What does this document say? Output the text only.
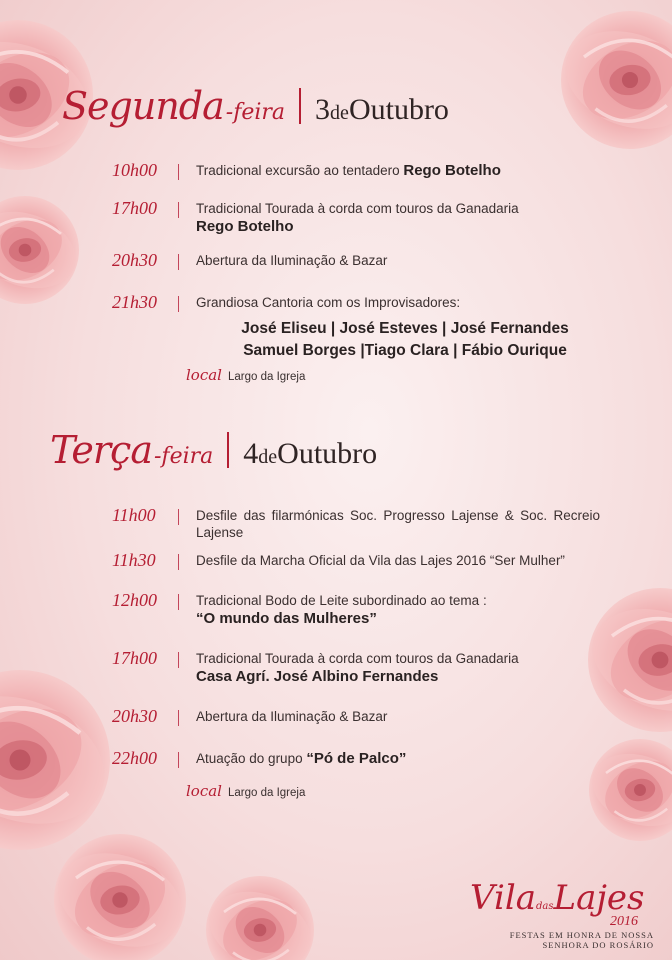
Segunda -feira 3deOutubro
10h00	Tradicional excursão ao tentadero Rego Botelho
17h00	Tradicional Tourada à corda com touros da Ganadaria
Rego Botelho
20h30	Abertura da Iluminação & Bazar
21h30	Grandiosa Cantoria com os Improvisadores:
José Eliseu | José Esteves | José Fernandes
Samuel Borges |Tiago Clara | Fábio Ourique
local Largo da Igreja
Terça -feira 4deOutubro
11h00	Desfile das filarmónicas Soc. Progresso Lajense & Soc. Recreio Lajense
11h30	Desfile da Marcha Oficial da Vila das Lajes 2016 “Ser Mulher”
12h00	Tradicional Bodo de Leite subordinado ao tema :
“O mundo das Mulheres”
17h00	Tradicional Tourada à corda com touros da Ganadaria
Casa Agrí. José Albino Fernandes
20h30	Abertura da Iluminação & Bazar
22h00	Atuação do grupo “Pó de Palco”
local Largo da Igreja
ViladasLajes
2016
FESTAS EM HONRA DE NOSSA SENHORA DO ROSÁRIO
